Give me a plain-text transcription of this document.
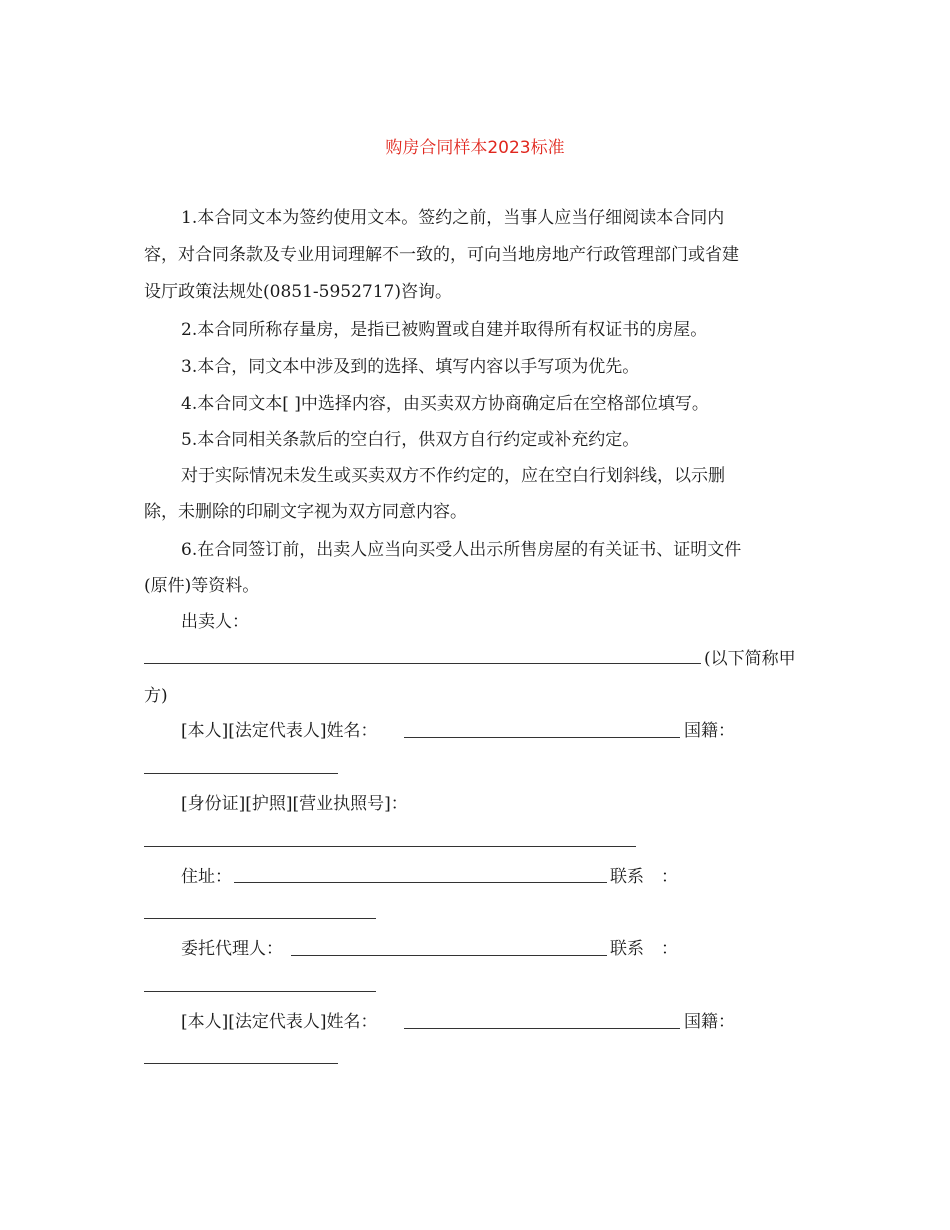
购房合同样本2023标准
1.本合同文本为签约使用文本。签约之前，当事人应当仔细阅读本合同内
容，对合同条款及专业用词理解不一致的，可向当地房地产行政管理部门或省建
设厅政策法规处(0851-5952717)咨询。
2.本合同所称存量房，是指已被购置或自建并取得所有权证书的房屋。
3.本合，同文本中涉及到的选择、填写内容以手写项为优先。
4.本合同文本[ ]中选择内容，由买卖双方协商确定后在空格部位填写。
5.本合同相关条款后的空白行，供双方自行约定或补充约定。
对于实际情况未发生或买卖双方不作约定的，应在空白行划斜线，以示删
除，未删除的印刷文字视为双方同意内容。
6.在合同签订前，出卖人应当向买受人出示所售房屋的有关证书、证明文件
(原件)等资料。
出卖人：
(以下简称甲
方)
[本人][法定代表人]姓名：	国籍：
[身份证][护照][营业执照号]：
住址：	联系　：
委托代理人：	联系　：
[本人][法定代表人]姓名：	国籍：
